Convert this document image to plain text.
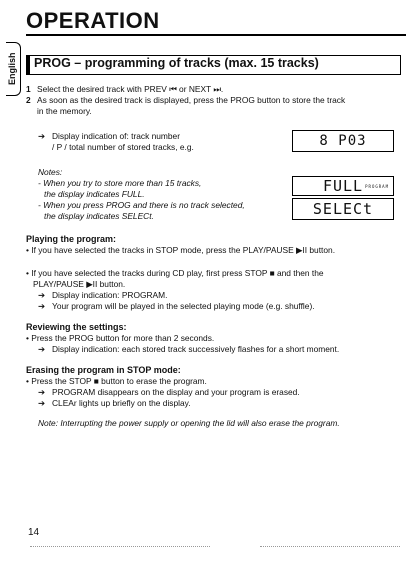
OPERATION
English PROG – programming of tracks (max. 15 tracks)
1 Select the desired track with PREV ⏮ or NEXT ⏭.
2 As soon as the desired track is displayed, press the PROG button to store the track
in the memory.
➔ Display indication of: track number
/ P / total number of stored tracks, e.g.	8 P03
Notes:
- When you try to store more than 15 tracks,
the display indicates FULL.
- When you press PROG and there is no track selected,
the display indicates SELECt.
FULL PROGRAM
SELECt
Playing the program:
• If you have selected the tracks in STOP mode, press the PLAY/PAUSE ▶II button.
• If you have selected the tracks during CD play, first press STOP ■ and then the
PLAY/PAUSE ▶II button.
➔ Display indication: PROGRAM.
➔ Your program will be played in the selected playing mode (e.g. shuffle).
Reviewing the settings:
• Press the PROG button for more than 2 seconds.
➔ Display indication: each stored track successively flashes for a short moment.
Erasing the program in STOP mode:
• Press the STOP ■ button to erase the program.
➔ PROGRAM disappears on the display and your program is erased.
➔ CLEAr lights up briefly on the display.
Note: Interrupting the power supply or opening the lid will also erase the program.
14
